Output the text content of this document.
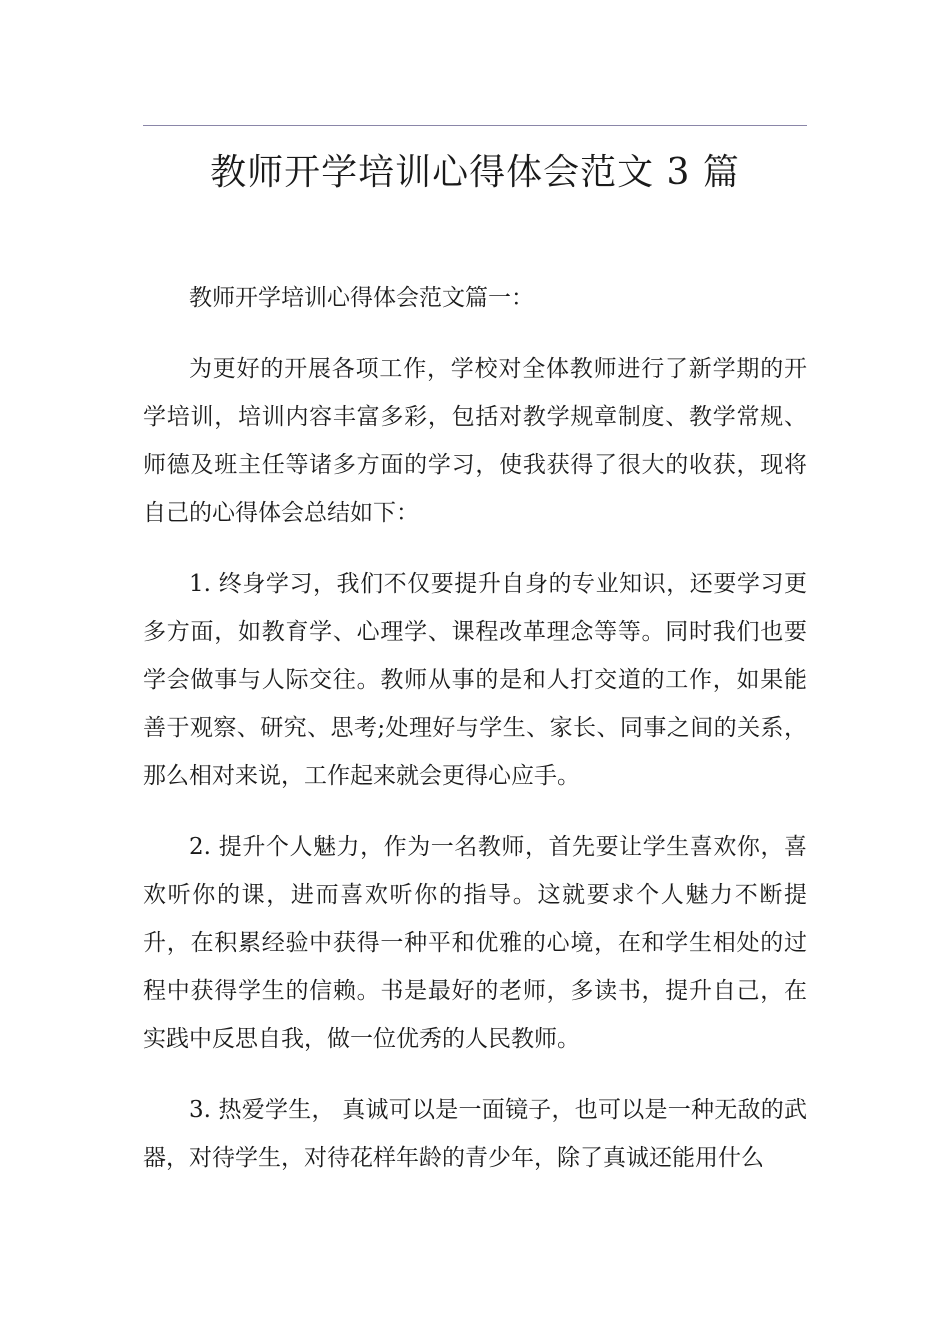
教师开学培训心得体会范文 3 篇

教师开学培训心得体会范文篇一：

为更好的开展各项工作，学校对全体教师进行了新学期的开学培训，培训内容丰富多彩，包括对教学规章制度、教学常规、师德及班主任等诸多方面的学习，使我获得了很大的收获，现将自己的心得体会总结如下：

1. 终身学习，我们不仅要提升自身的专业知识，还要学习更多方面，如教育学、心理学、课程改革理念等等。同时我们也要学会做事与人际交往。教师从事的是和人打交道的工作，如果能善于观察、研究、思考;处理好与学生、家长、同事之间的关系，那么相对来说，工作起来就会更得心应手。

2. 提升个人魅力，作为一名教师，首先要让学生喜欢你，喜欢听你的课，进而喜欢听你的指导。这就要求个人魅力不断提升，在积累经验中获得一种平和优雅的心境，在和学生相处的过程中获得学生的信赖。书是最好的老师，多读书，提升自己，在实践中反思自我，做一位优秀的人民教师。

3. 热爱学生， 真诚可以是一面镜子，也可以是一种无敌的武器，对待学生，对待花样年龄的青少年，除了真诚还能用什么
